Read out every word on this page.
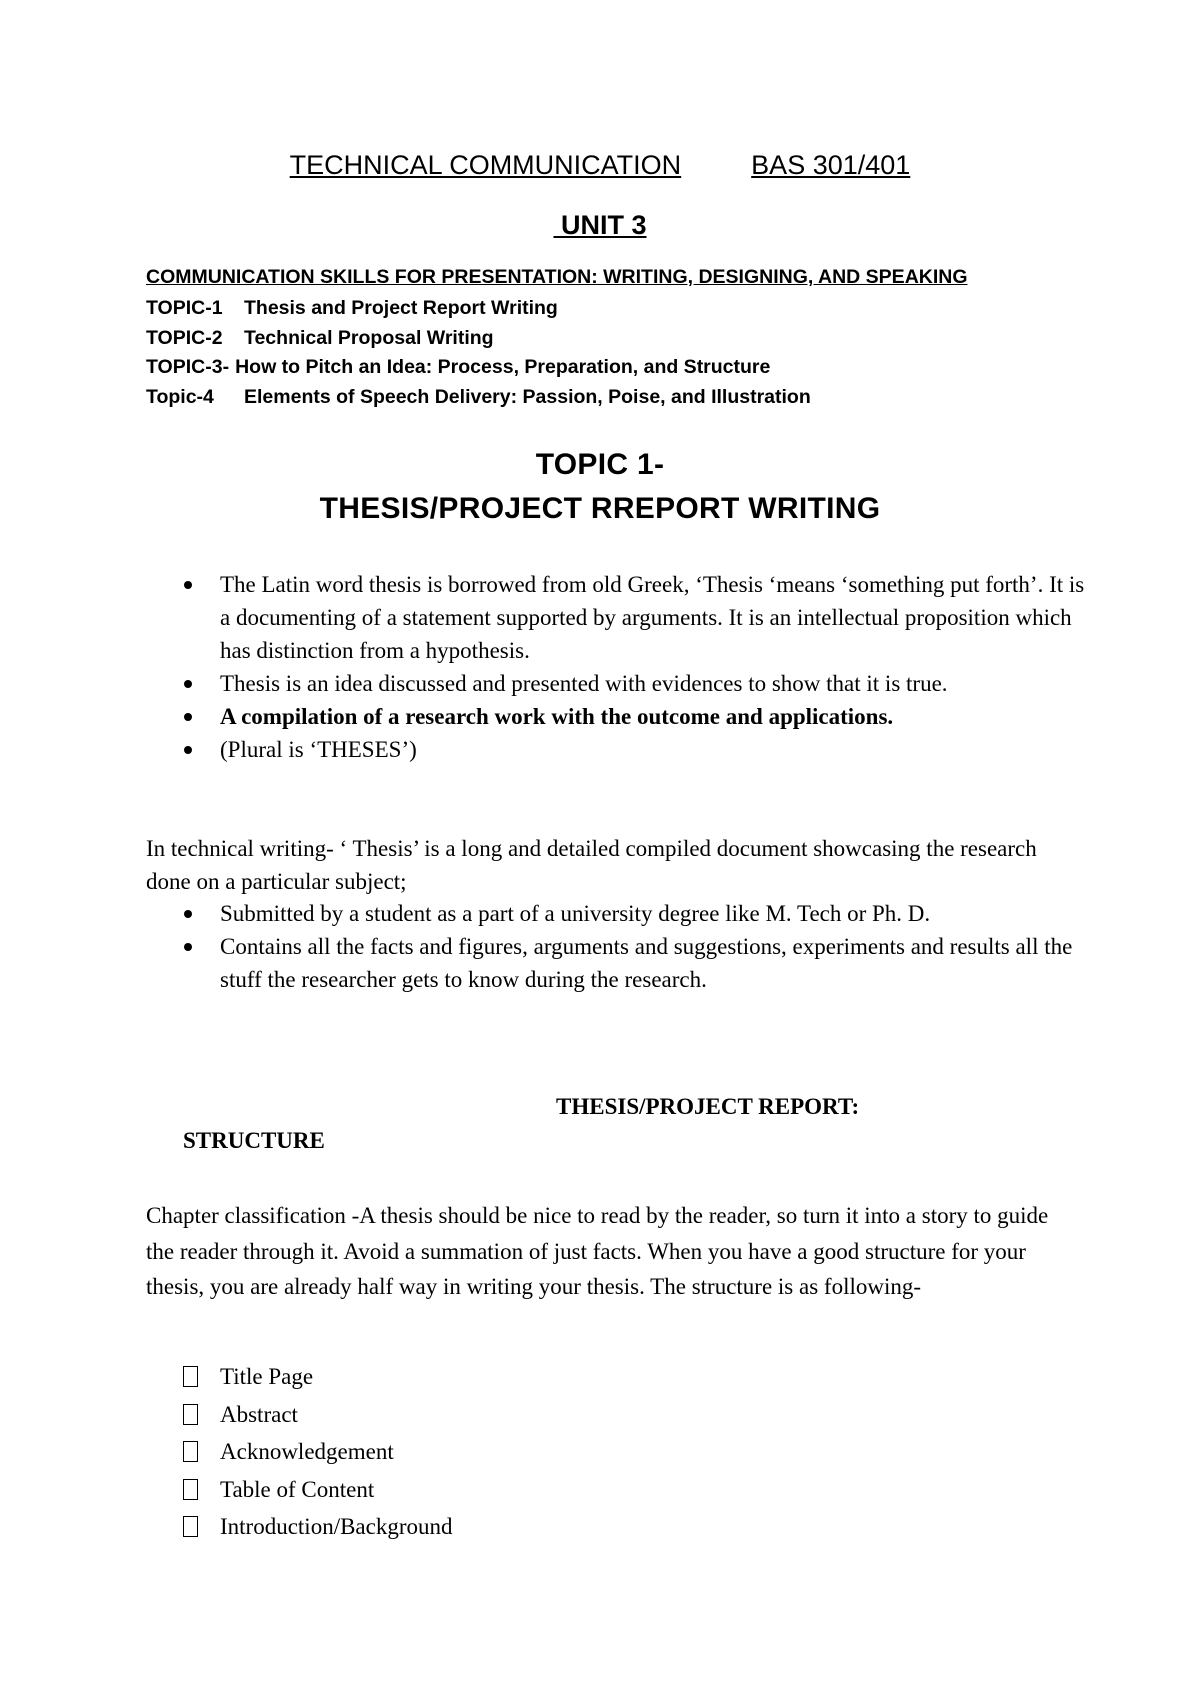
TECHNICAL COMMUNICATION	BAS 301/401
UNIT 3
COMMUNICATION SKILLS FOR PRESENTATION: WRITING, DESIGNING, AND SPEAKING
TOPIC-1 Thesis and Project Report Writing
TOPIC-2 Technical Proposal Writing
TOPIC-3- How to Pitch an Idea: Process, Preparation, and Structure
Topic-4 Elements of Speech Delivery: Passion, Poise, and Illustration
TOPIC 1-
THESIS/PROJECT RREPORT WRITING
The Latin word thesis is borrowed from old Greek, ‘Thesis ‘means ‘something put forth’. It is a documenting of a statement supported by arguments. It is an intellectual proposition which has distinction from a hypothesis.
Thesis is an idea discussed and presented with evidences to show that it is true.
A compilation of a research work with the outcome and applications.
(Plural is ‘THESES’)
In technical writing- ‘ Thesis’ is a long and detailed compiled document showcasing the research done on a particular subject;
Submitted by a student as a part of a university degree like M. Tech or Ph. D.
Contains all the facts and figures, arguments and suggestions, experiments and results all the stuff the researcher gets to know during the research.
THESIS/PROJECT REPORT:
STRUCTURE
Chapter classification -A thesis should be nice to read by the reader, so turn it into a story to guide the reader through it. Avoid a summation of just facts. When you have a good structure for your thesis, you are already half way in writing your thesis. The structure is as following-
Title Page
Abstract
Acknowledgement
Table of Content
Introduction/Background
